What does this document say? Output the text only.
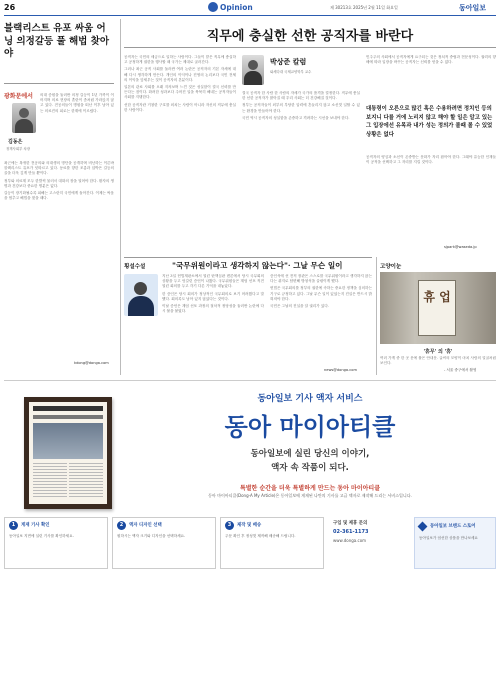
26	Opinion	제 30213호 2025년 2월 11일 화요일	동아일보
블랙리스트 유포 싸움 어닝 의정갈등 풀 해법 찾아야
광화문에서
김동은
정책사회부 차장

의대 증원을 둘러싼 의정 갈등이 1년 가까이 이어지며 의료 현장의 혼란이 좀처럼 가라앉지 않고 있다. 전공의들이 병원을 떠난 이후 남아 있는 의료진의 피로는 한계에 이르렀다.

최근에는 복귀한 전공의와 의대생의 명단을 공개하며 비난하는 이른바 블랙리스트 유포가 잇따르고 있다. 동료를 향한 조롱과 압박은 갈등의 골을 더욱 깊게 만들 뿐이다.

정부와 의료계 모두 한발씩 물러서 대화의 장을 열어야 한다. 환자의 생명과 건강보다 중요한 명분은 없다.

갈등이 장기화될수록 피해는 고스란히 국민에게 돌아간다. 이제는 싸움을 멈추고 해법을 찾을 때다.

kdong@donga.com
직무에 충실한 선한 공직자를 바란다
박상준 칼럼
와세다대 국제교양학부 교수

공직자는 국민의 세금으로 일하는 사람이다. 그들이 맡은 직무에 충실하고 공정하게 권한을 행사할 때 국가는 제대로 굴러간다.

그러나 최근 공직 사회를 둘러싼 여러 논란은 공직자의 기본 자세에 대해 다시 생각하게 만든다. 개인의 이익이나 진영의 논리보다 국민 전체의 이익을 앞세우는 것이 공직자의 본분이다.

일본의 관료 사회를 오래 지켜보며 느낀 것은 성실함이 결국 신뢰를 만든다는 점이다. 화려한 성과보다 주어진 일을 묵묵히 해내는 공직자들이 사회를 지탱한다.

선한 공직자란 거창한 구호를 외치는 사람이 아니라 자신의 직무에 충실한 사람이다.

결국 공직자 한 사람 한 사람의 자세가 국가의 품격을 결정한다. 직무에 충실한 선한 공직자가 많아질 때 우리 사회는 더 건강해질 것이다.

정부는 공직자들이 외부의 부당한 압력에 흔들리지 않고 소신껏 일할 수 있는 환경을 만들어야 한다.

국민 역시 공직자의 성실함을 존중하고 격려하는 시선을 보내야 한다.

민주주의 사회에서 공직자에게 요구되는 것은 정치적 중립과 전문성이다. 권력의 향배에 따라 입장을 바꾸는 공직자는 신뢰를 얻을 수 없다.

대통령이 오른으로 많긴 혹은 수용하려면 정치인 등의 보지니 다를 거에 노리지 않고 해야 할 일은 알고 있는 그 입장에선 유목과 내가 성는 정의가 볼때 볼 수 있었 상황은 없다

공직자의 양심과 소신이 존중받는 문화가 자리 잡아야 한다. 그래야 유능한 인재들이 공직을 선택하고 그 자리를 지킬 것이다.

sjpark@waseda.jp
횡설수설	"국무위원이라고 생각하지 않는다"· 그날 무슨 일이

지난 3일 헌법재판소에서 열린 탄핵심판 변론에서 당시 국무회의 상황을 두고 엇갈린 증언이 나왔다. 국무위원들은 계엄 선포 직전 열린 회의를 두고 각기 다른 기억을 내놓았다.

한 증인은 당시 회의가 정상적인 국무회의로 보기 어려웠다고 말했다. 회의록도 남아 있지 않았다는 것이다.

이날 증언은 계엄 선포 과정의 절차적 정당성을 둘러싼 논란에 다시 불을 붙였다.

증인석에 선 전직 장관은 스스로를 국무위원이라고 생각하지 않는다는 취지로 답변해 방청석을 술렁이게 했다.

헌법은 국무회의를 정부의 권한에 속하는 중요한 정책을 심의하는 기구로 규정하고 있다. 그날 무슨 일이 있었는지 진실은 반드시 밝혀져야 한다.

국민은 그날의 진실을 알 권리가 있다.

news@donga.com
고양이눈
휴 업
'휴무' 의 '휴'

여러 가게 중 한 곳 문에 붙은 안내문. 글씨의 모양이 마치 사람의 얼굴처럼 보인다.

- 서울 중구에서 촬영
동아일보 기사 액자 서비스
동아 마이아티클
동아일보에 실린 당신의 이야기,
액자 속 작품이 되다.
특별한 순간을 더욱 특별하게 만드는 동아 마이아티클
동아 마이아티클(Dong-A My Article)은 동아일보에 게재된 나만의 기사를 고급 액자로 제작해 드리는 서비스입니다.
1	게재 기사 확인
동아일보 지면에 실린 기사를 확인하세요.
2	액자 디자인 선택
원하시는 액자 크기와 디자인을 선택하세요.
3	제작 및 배송
주문 확인 후 정성껏 제작해 배송해 드립니다.
구입 및 제휴 문의
02-361-1173
www.donga.com
동아일보 브랜드 스토어
동아일보가 엄선한 상품을 만나보세요
